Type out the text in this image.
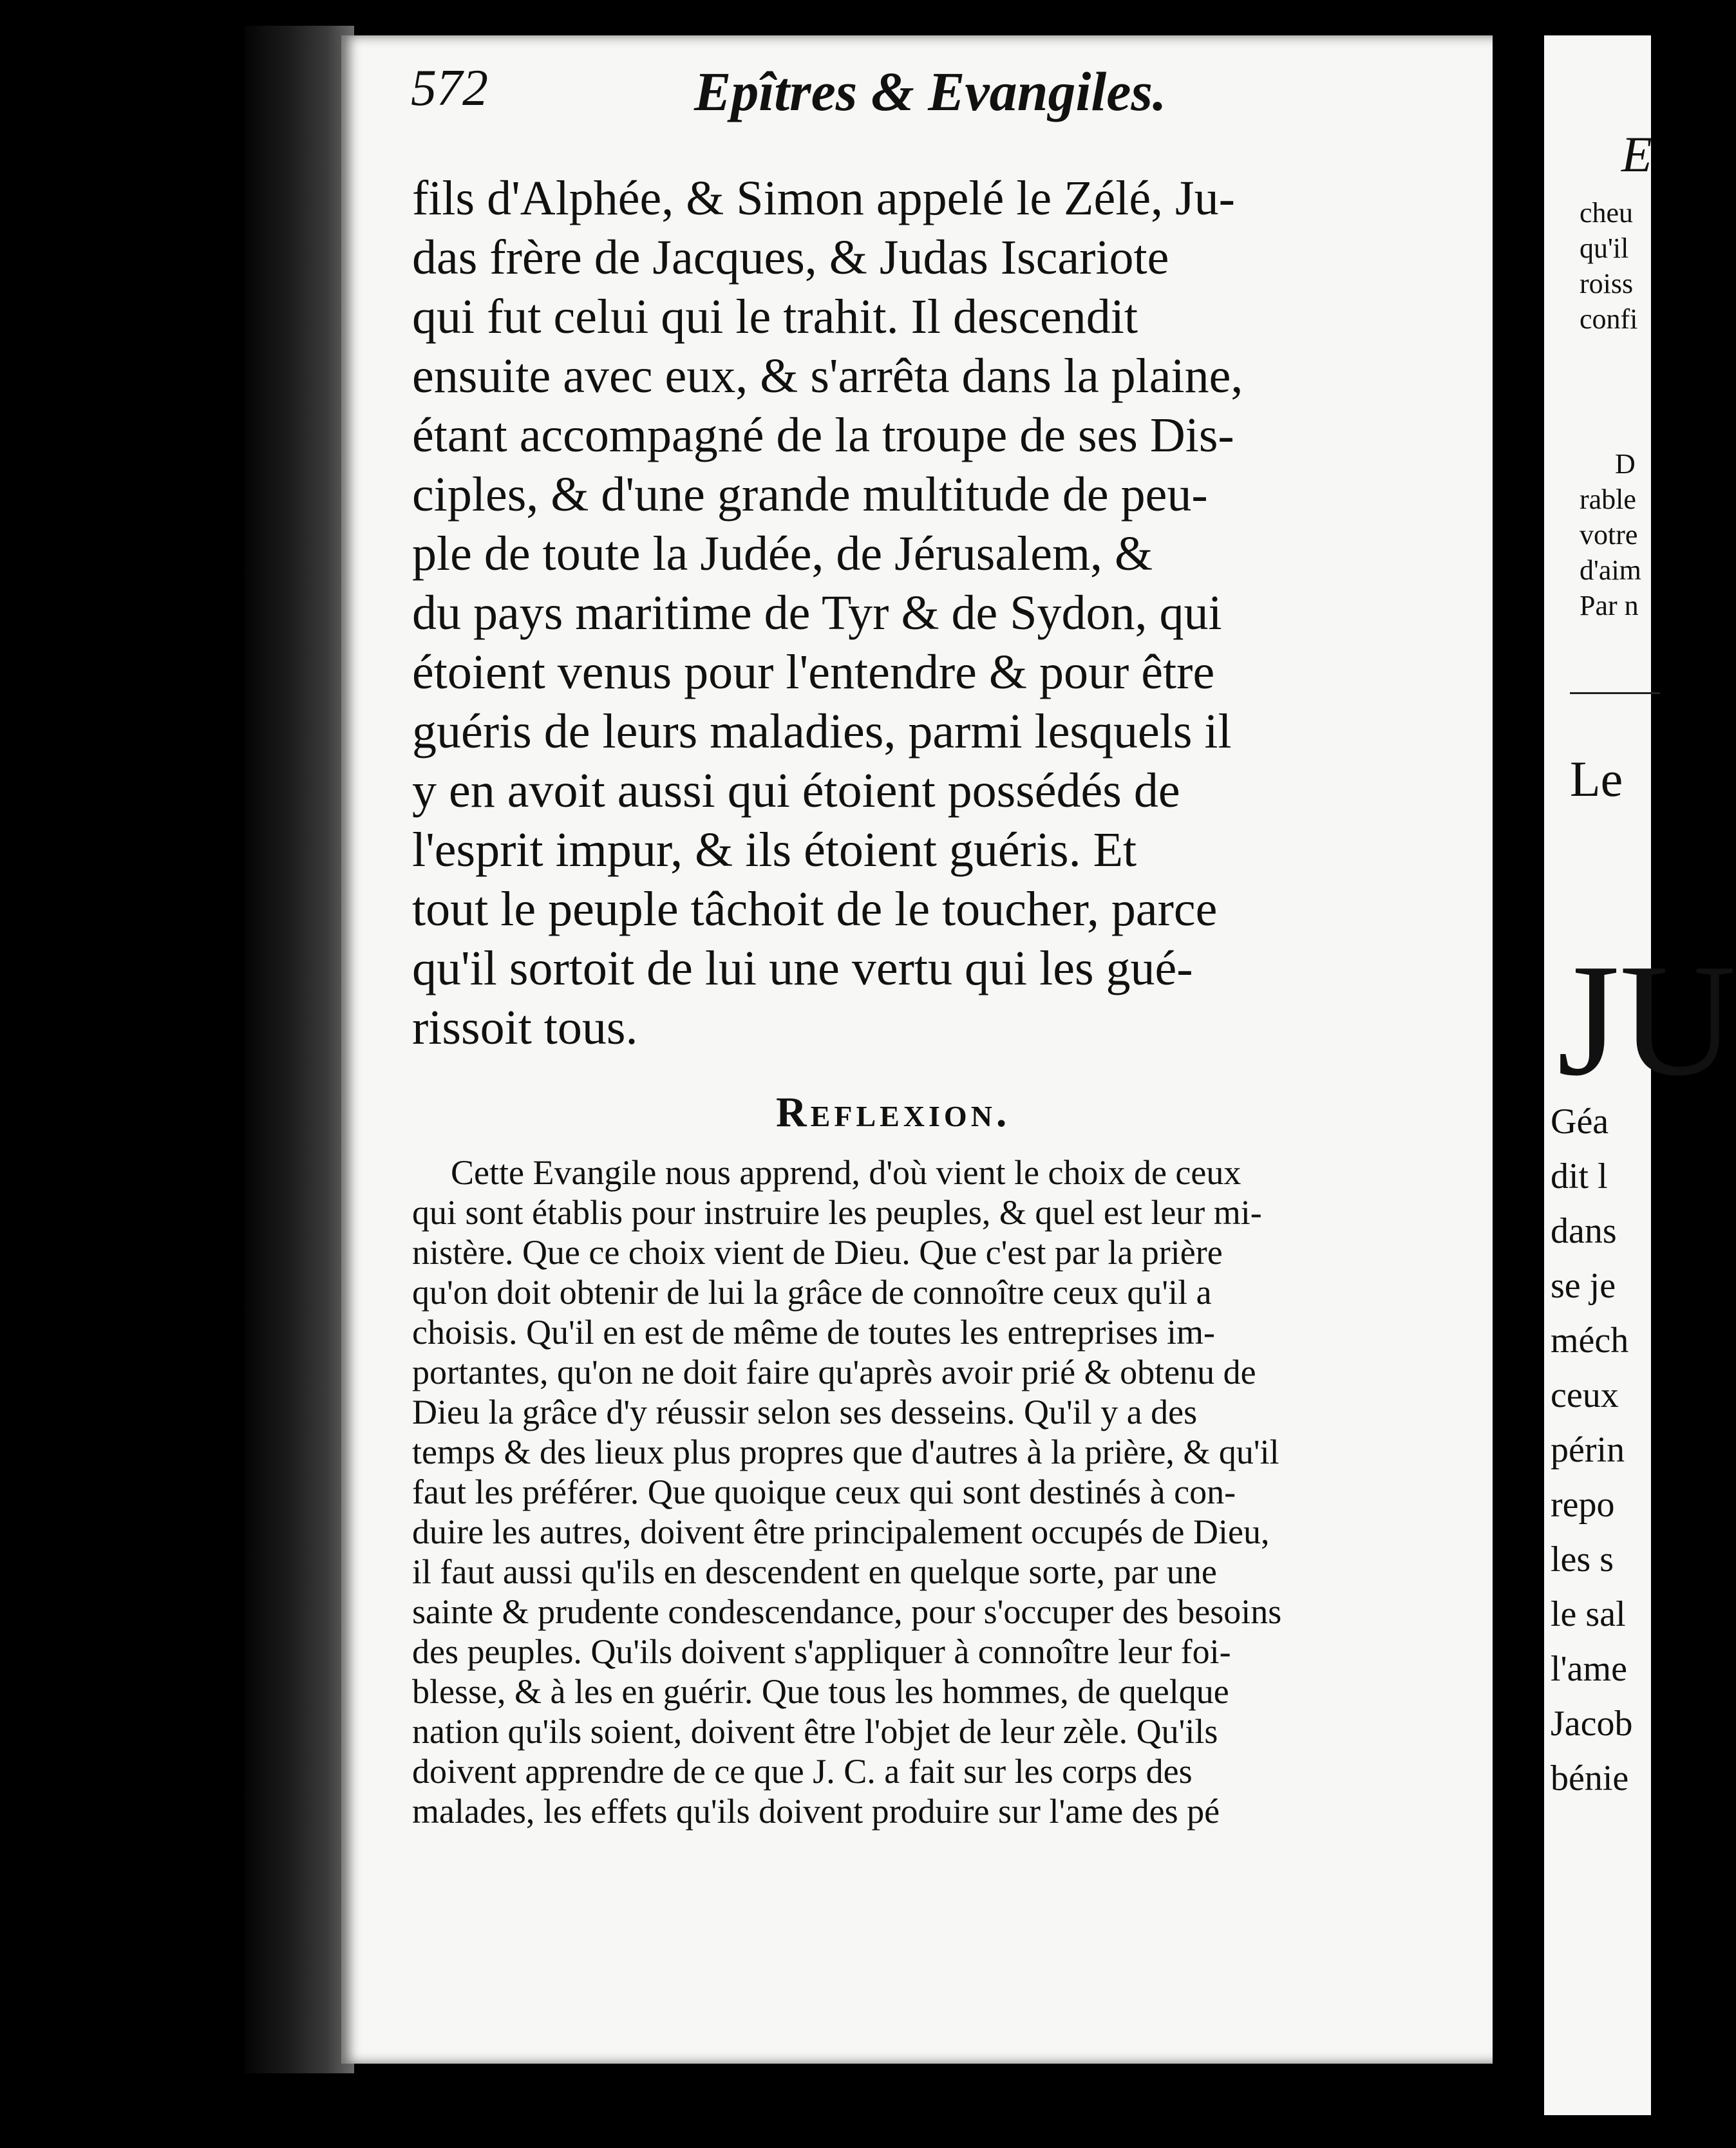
572	Epîtres & Evangiles.
fils d'Alphée, & Simon appelé le Zélé, Ju-
das frère de Jacques, & Judas Iscariote
qui fut celui qui le trahit. Il descendit
ensuite avec eux, & s'arrêta dans la plaine,
étant accompagné de la troupe de ses Dis-
ciples, & d'une grande multitude de peu-
ple de toute la Judée, de Jérusalem, &
du pays maritime de Tyr & de Sydon, qui
étoient venus pour l'entendre & pour être
guéris de leurs maladies, parmi lesquels il
y en avoit aussi qui étoient possédés de
l'esprit impur, & ils étoient guéris. Et
tout le peuple tâchoit de le toucher, parce
qu'il sortoit de lui une vertu qui les gué-
rissoit tous.
Reflexion.
Cette Evangile nous apprend, d'où vient le choix de ceux
qui sont établis pour instruire les peuples, & quel est leur mi-
nistère. Que ce choix vient de Dieu. Que c'est par la prière
qu'on doit obtenir de lui la grâce de connoître ceux qu'il a
choisis. Qu'il en est de même de toutes les entreprises im-
portantes, qu'on ne doit faire qu'après avoir prié & obtenu de
Dieu la grâce d'y réussir selon ses desseins. Qu'il y a des
temps & des lieux plus propres que d'autres à la prière, & qu'il
faut les préférer. Que quoique ceux qui sont destinés à con-
duire les autres, doivent être principalement occupés de Dieu,
il faut aussi qu'ils en descendent en quelque sorte, par une
sainte & prudente condescendance, pour s'occuper des besoins
des peuples. Qu'ils doivent s'appliquer à connoître leur foi-
blesse, & à les en guérir. Que tous les hommes, de quelque
nation qu'ils soient, doivent être l'objet de leur zèle. Qu'ils
doivent apprendre de ce que J. C. a fait sur les corps des
malades, les effets qu'ils doivent produire sur l'ame des pé
E
cheu
qu'il
roiss
confi
D
rable
votre
d'aim
Par n
Le
JU
Géa
dit l
dans
se je
méch
ceux
périn
repo
les s
le sal
l'ame
Jacob
bénie
